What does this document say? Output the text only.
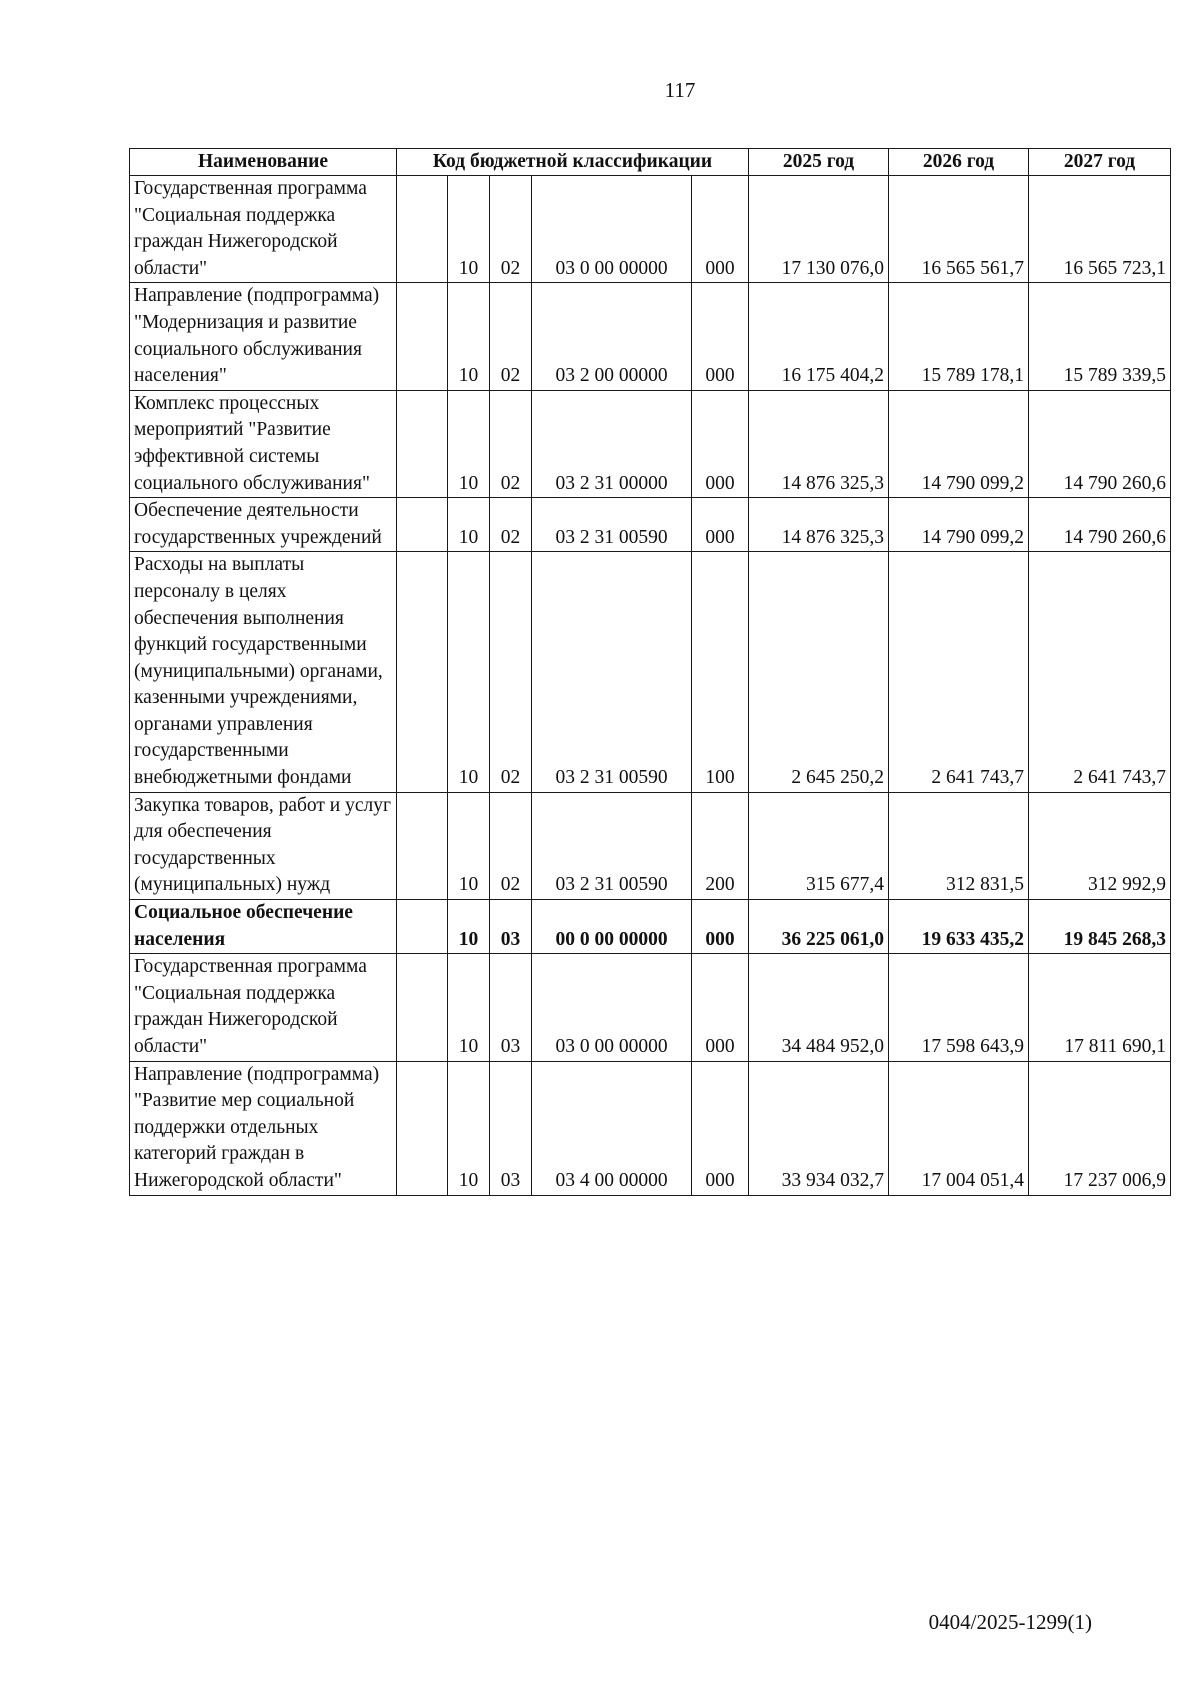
117
Наименование	Код бюджетной классификации					2025 год	2026 год	2027 год
Государственная программа "Социальная поддержка граждан Нижегородской области"		10	02	03 0 00 00000	000	17 130 076,0	16 565 561,7	16 565 723,1
Направление (подпрограмма) "Модернизация и развитие социального обслуживания населения"		10	02	03 2 00 00000	000	16 175 404,2	15 789 178,1	15 789 339,5
Комплекс процессных мероприятий "Развитие эффективной системы социального обслуживания"		10	02	03 2 31 00000	000	14 876 325,3	14 790 099,2	14 790 260,6
Обеспечение деятельности государственных учреждений		10	02	03 2 31 00590	000	14 876 325,3	14 790 099,2	14 790 260,6
Расходы на выплаты персоналу в целях обеспечения выполнения функций государственными (муниципальными) органами, казенными учреждениями, органами управления государственными внебюджетными фондами		10	02	03 2 31 00590	100	2 645 250,2	2 641 743,7	2 641 743,7
Закупка товаров, работ и услуг для обеспечения государственных (муниципальных) нужд		10	02	03 2 31 00590	200	315 677,4	312 831,5	312 992,9
Социальное обеспечение населения		10	03	00 0 00 00000	000	36 225 061,0	19 633 435,2	19 845 268,3
Государственная программа "Социальная поддержка граждан Нижегородской области"		10	03	03 0 00 00000	000	34 484 952,0	17 598 643,9	17 811 690,1
Направление (подпрограмма) "Развитие мер социальной поддержки отдельных категорий граждан в Нижегородской области"		10	03	03 4 00 00000	000	33 934 032,7	17 004 051,4	17 237 006,9
0404/2025-1299(1)
